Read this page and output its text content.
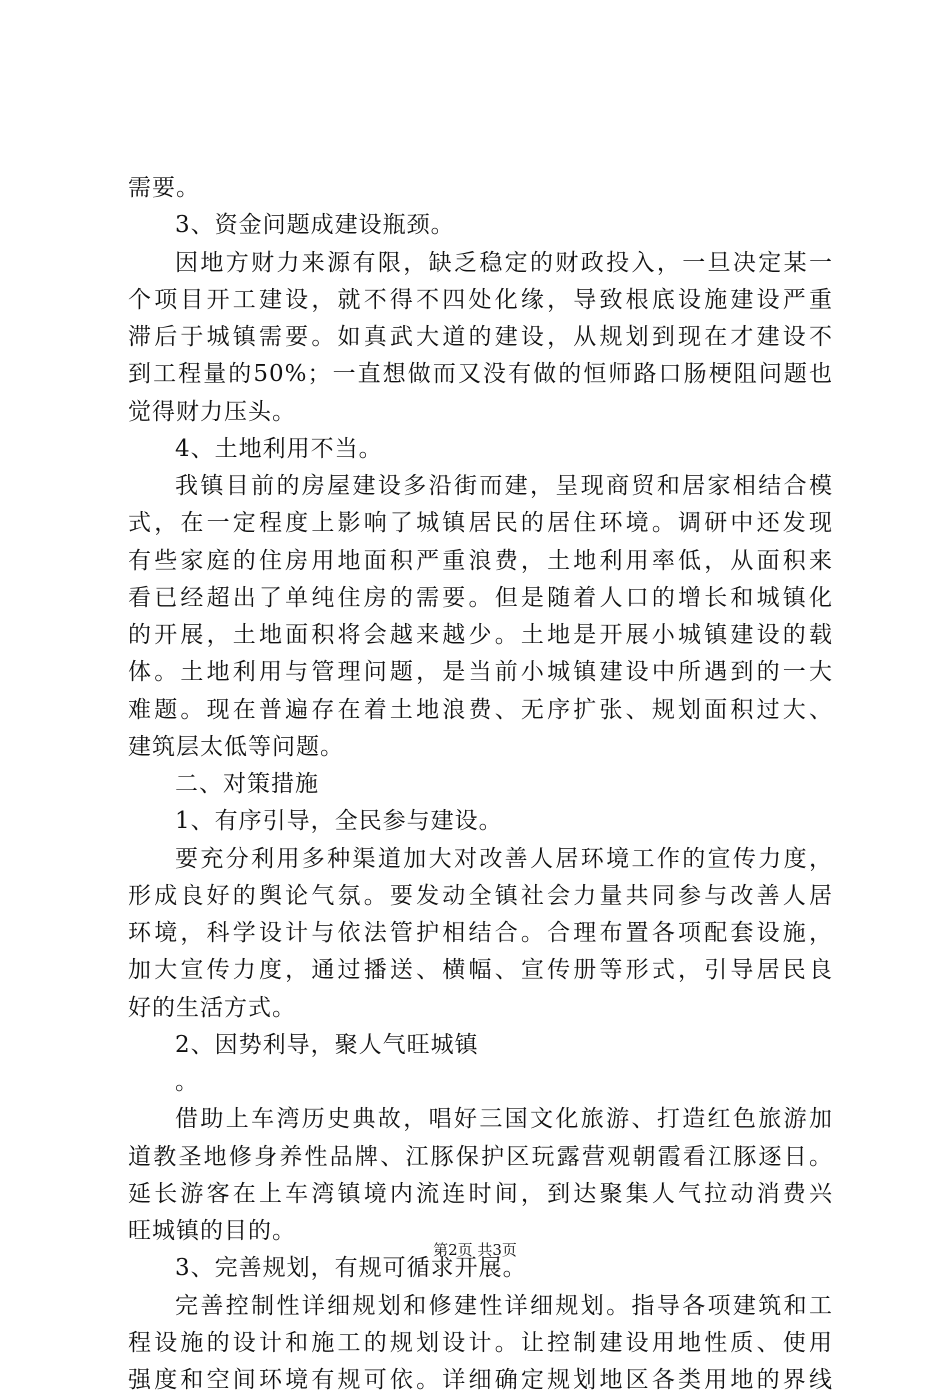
需要。
3、资金问题成建设瓶颈。
因地方财力来源有限，缺乏稳定的财政投入，一旦决定某一
个项目开工建设，就不得不四处化缘，导致根底设施建设严重
滞后于城镇需要。如真武大道的建设，从规划到现在才建设不
到工程量的50%；一直想做而又没有做的恒师路口肠梗阻问题也
觉得财力压头。
4、土地利用不当。
我镇目前的房屋建设多沿街而建，呈现商贸和居家相结合模
式，在一定程度上影响了城镇居民的居住环境。调研中还发现
有些家庭的住房用地面积严重浪费，土地利用率低，从面积来
看已经超出了单纯住房的需要。但是随着人口的增长和城镇化
的开展，土地面积将会越来越少。土地是开展小城镇建设的载
体。土地利用与管理问题，是当前小城镇建设中所遇到的一大
难题。现在普遍存在着土地浪费、无序扩张、规划面积过大、
建筑层太低等问题。
二、对策措施
1、有序引导，全民参与建设。
要充分利用多种渠道加大对改善人居环境工作的宣传力度，
形成良好的舆论气氛。要发动全镇社会力量共同参与改善人居
环境，科学设计与依法管护相结合。合理布置各项配套设施，
加大宣传力度，通过播送、横幅、宣传册等形式，引导居民良
好的生活方式。
2、因势利导，聚人气旺城镇
。
借助上车湾历史典故，唱好三国文化旅游、打造红色旅游加
道教圣地修身养性品牌、江豚保护区玩露营观朝霞看江豚逐日。
延长游客在上车湾镇境内流连时间，到达聚集人气拉动消费兴
旺城镇的目的。
3、完善规划，有规可循求开展。
完善控制性详细规划和修建性详细规划。指导各项建筑和工
程设施的设计和施工的规划设计。让控制建设用地性质、使用
强度和空间环境有规可依。详细确定规划地区各类用地的界线
第2页 共3页
